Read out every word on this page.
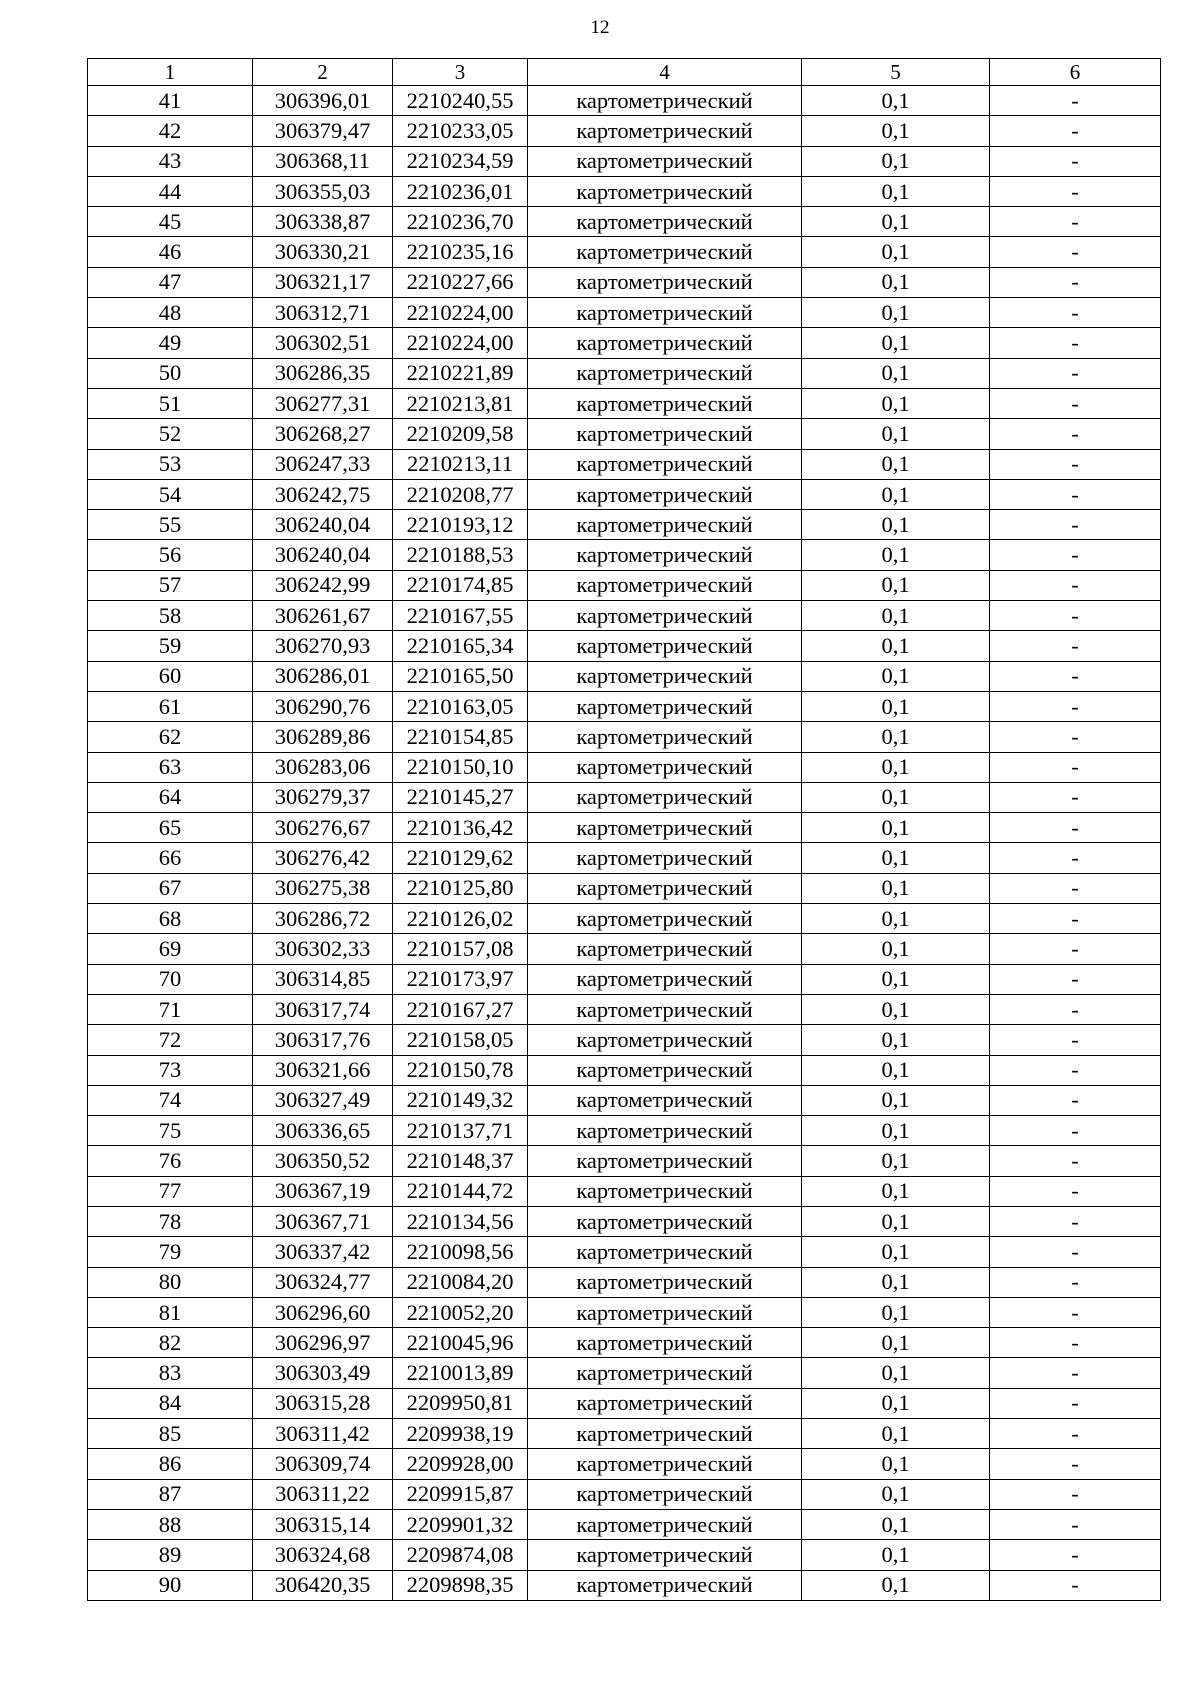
12
1	2	3	4	5	6
41	306396,01	2210240,55	картометрический	0,1	-
42	306379,47	2210233,05	картометрический	0,1	-
43	306368,11	2210234,59	картометрический	0,1	-
44	306355,03	2210236,01	картометрический	0,1	-
45	306338,87	2210236,70	картометрический	0,1	-
46	306330,21	2210235,16	картометрический	0,1	-
47	306321,17	2210227,66	картометрический	0,1	-
48	306312,71	2210224,00	картометрический	0,1	-
49	306302,51	2210224,00	картометрический	0,1	-
50	306286,35	2210221,89	картометрический	0,1	-
51	306277,31	2210213,81	картометрический	0,1	-
52	306268,27	2210209,58	картометрический	0,1	-
53	306247,33	2210213,11	картометрический	0,1	-
54	306242,75	2210208,77	картометрический	0,1	-
55	306240,04	2210193,12	картометрический	0,1	-
56	306240,04	2210188,53	картометрический	0,1	-
57	306242,99	2210174,85	картометрический	0,1	-
58	306261,67	2210167,55	картометрический	0,1	-
59	306270,93	2210165,34	картометрический	0,1	-
60	306286,01	2210165,50	картометрический	0,1	-
61	306290,76	2210163,05	картометрический	0,1	-
62	306289,86	2210154,85	картометрический	0,1	-
63	306283,06	2210150,10	картометрический	0,1	-
64	306279,37	2210145,27	картометрический	0,1	-
65	306276,67	2210136,42	картометрический	0,1	-
66	306276,42	2210129,62	картометрический	0,1	-
67	306275,38	2210125,80	картометрический	0,1	-
68	306286,72	2210126,02	картометрический	0,1	-
69	306302,33	2210157,08	картометрический	0,1	-
70	306314,85	2210173,97	картометрический	0,1	-
71	306317,74	2210167,27	картометрический	0,1	-
72	306317,76	2210158,05	картометрический	0,1	-
73	306321,66	2210150,78	картометрический	0,1	-
74	306327,49	2210149,32	картометрический	0,1	-
75	306336,65	2210137,71	картометрический	0,1	-
76	306350,52	2210148,37	картометрический	0,1	-
77	306367,19	2210144,72	картометрический	0,1	-
78	306367,71	2210134,56	картометрический	0,1	-
79	306337,42	2210098,56	картометрический	0,1	-
80	306324,77	2210084,20	картометрический	0,1	-
81	306296,60	2210052,20	картометрический	0,1	-
82	306296,97	2210045,96	картометрический	0,1	-
83	306303,49	2210013,89	картометрический	0,1	-
84	306315,28	2209950,81	картометрический	0,1	-
85	306311,42	2209938,19	картометрический	0,1	-
86	306309,74	2209928,00	картометрический	0,1	-
87	306311,22	2209915,87	картометрический	0,1	-
88	306315,14	2209901,32	картометрический	0,1	-
89	306324,68	2209874,08	картометрический	0,1	-
90	306420,35	2209898,35	картометрический	0,1	-
